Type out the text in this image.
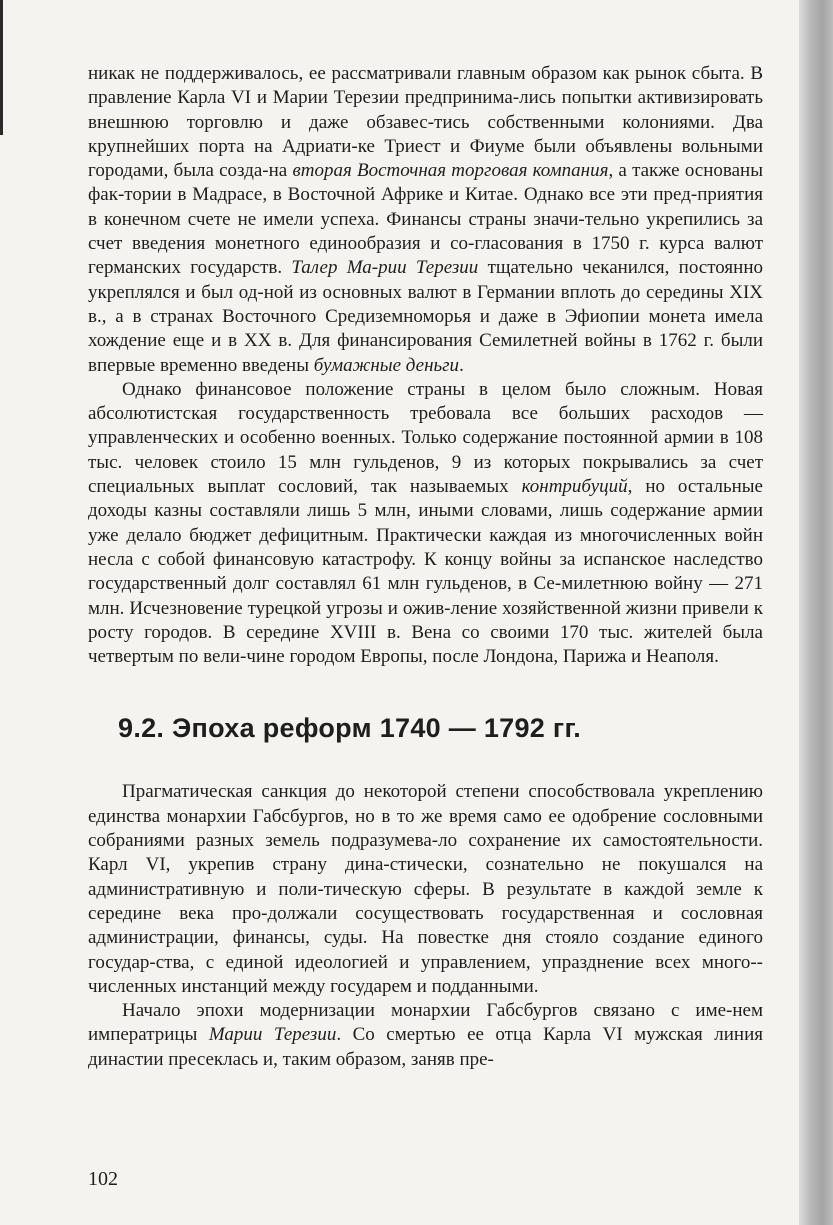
никак не поддерживалось, ее рассматривали главным образом как рынок сбыта. В правление Карла VI и Марии Терезии предпринима-лись попытки активизировать внешнюю торговлю и даже обзавес-тись собственными колониями. Два крупнейших порта на Адриати-ке Триест и Фиуме были объявлены вольными городами, была созда-на вторая Восточная торговая компания, а также основаны фак-тории в Мадрасе, в Восточной Африке и Китае. Однако все эти пред-приятия в конечном счете не имели успеха. Финансы страны значи-тельно укрепились за счет введения монетного единообразия и со-гласования в 1750 г. курса валют германских государств. Талер Ма-рии Терезии тщательно чеканился, постоянно укреплялся и был од-ной из основных валют в Германии вплоть до середины XIX в., а в странах Восточного Средиземноморья и даже в Эфиопии монета имела хождение еще и в XX в. Для финансирования Семилетней войны в 1762 г. были впервые временно введены бумажные деньги.

Однако финансовое положение страны в целом было сложным. Новая абсолютистская государственность требовала все больших расходов — управленческих и особенно военных. Только содержание постоянной армии в 108 тыс. человек стоило 15 млн гульденов, 9 из которых покрывались за счет специальных выплат сословий, так называемых контрибуций, но остальные доходы казны составляли лишь 5 млн, иными словами, лишь содержание армии уже делало бюджет дефицитным. Практически каждая из многочисленных войн несла с собой финансовую катастрофу. К концу войны за испанское наследство государственный долг составлял 61 млн гульденов, в Се-милетнюю войну — 271 млн. Исчезновение турецкой угрозы и ожив-ление хозяйственной жизни привели к росту городов. В середине XVIII в. Вена со своими 170 тыс. жителей была четвертым по вели-чине городом Европы, после Лондона, Парижа и Неаполя.

9.2. Эпоха реформ 1740 — 1792 гг.

Прагматическая санкция до некоторой степени способствовала укреплению единства монархии Габсбургов, но в то же время само ее одобрение сословными собраниями разных земель подразумева-ло сохранение их самостоятельности. Карл VI, укрепив страну дина-стически, сознательно не покушался на административную и поли-тическую сферы. В результате в каждой земле к середине века про-должали сосуществовать государственная и сословная администрации, финансы, суды. На повестке дня стояло создание единого государ-ства, с единой идеологией и управлением, упразднение всех много-численных инстанций между государем и подданными.

Начало эпохи модернизации монархии Габсбургов связано с име-нем императрицы Марии Терезии. Со смертью ее отца Карла VI мужская линия династии пресеклась и, таким образом, заняв пре-

102
